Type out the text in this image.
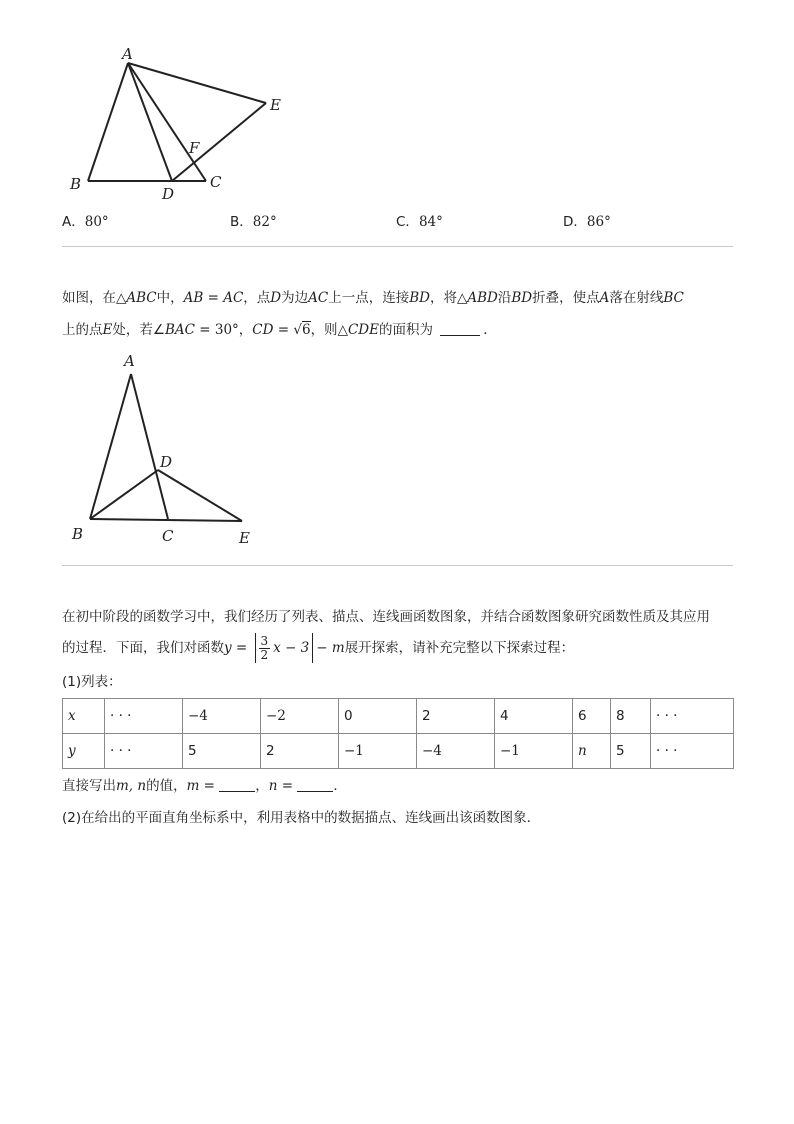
A
B	C
D
E
F
A．80°	B．82°	C．84°	D．86°
如图，在△ABC中，AB = AC，点D为边AC上一点，连接BD，将△ABD沿BD折叠，使点A落在射线BC
上的点E处，若∠BAC = 30°，CD = √6，则△CDE的面积为	．
A
B	C
D
E
在初中阶段的函数学习中，我们经历了列表、描点、连线画函数图象，并结合函数图象研究函数性质及其应用
的过程．下面，我们对函数$y = \frac{3}{2}$ x − 3 − m展开探索，请补充完整以下探索过程：
(1)列表：
x	· · ·	−4	−2	0	2	4	6	8	· · ·
y	· · ·	5	2	−1	−4	−1	n	5	· · ·
直接写出m, n的值，m =	，n =	．
(2)在给出的平面直角坐标系中，利用表格中的数据描点、连线画出该函数图象．
